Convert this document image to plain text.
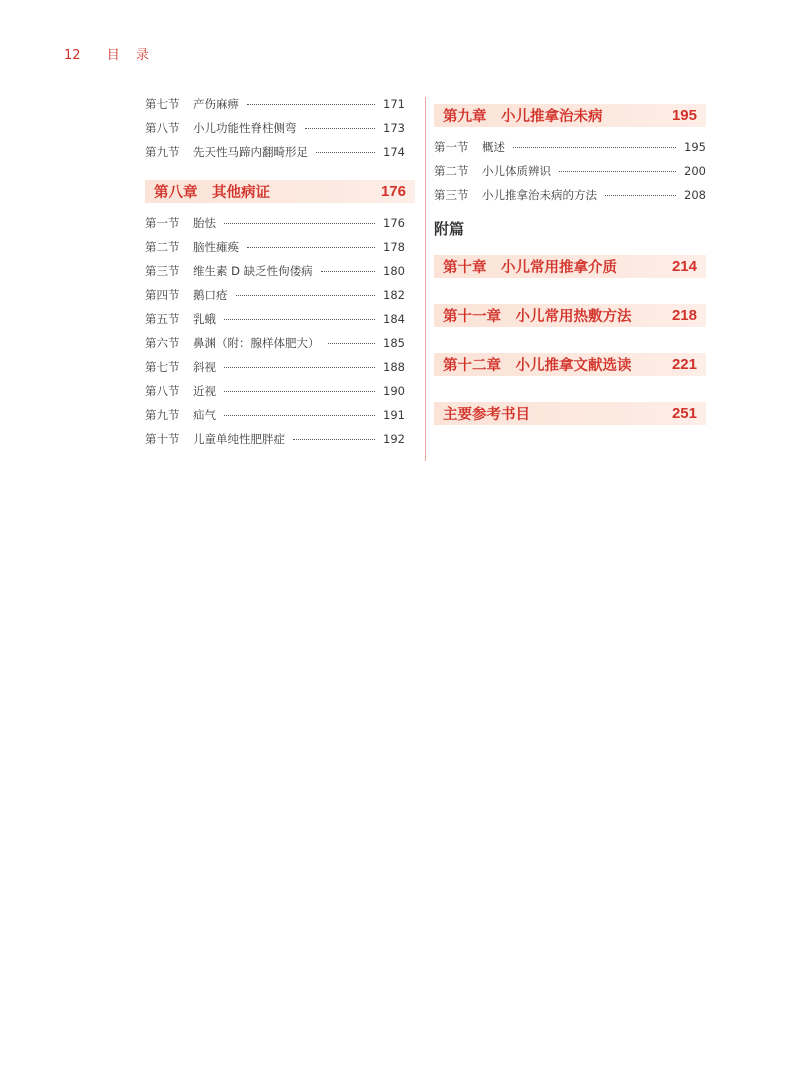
12 目 录
第七节	产伤麻痹	171
第八节	小儿功能性脊柱侧弯	173
第九节	先天性马蹄内翻畸形足	174
第八章　其他病证	176
第一节	胎怯	176
第二节	脑性瘫痪	178
第三节	维生素 D 缺乏性佝偻病	180
第四节	鹅口疮	182
第五节	乳蛾	184
第六节	鼻渊（附：腺样体肥大）	185
第七节	斜视	188
第八节	近视	190
第九节	疝气	191
第十节	儿童单纯性肥胖症	192
第九章　小儿推拿治未病	195
第一节	概述	195
第二节	小儿体质辨识	200
第三节	小儿推拿治未病的方法	208
附篇
第十章　小儿常用推拿介质	214
第十一章　小儿常用热敷方法	218
第十二章　小儿推拿文献选读	221
主要参考书目	251
